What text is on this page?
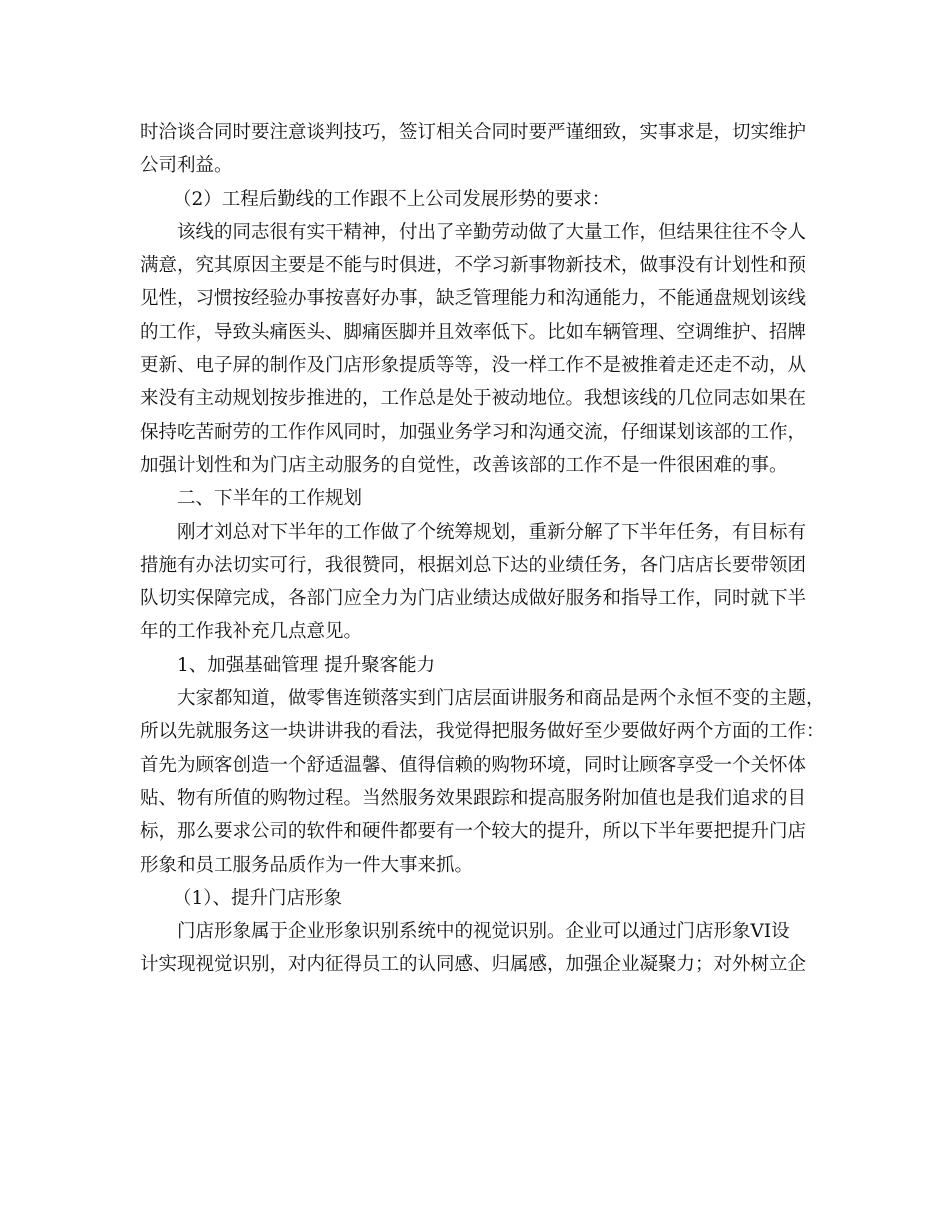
时洽谈合同时要注意谈判技巧，签订相关合同时要严谨细致，实事求是，切实维护
公司利益。
（2）工程后勤线的工作跟不上公司发展形势的要求：
该线的同志很有实干精神，付出了辛勤劳动做了大量工作，但结果往往不令人
满意，究其原因主要是不能与时俱进，不学习新事物新技术，做事没有计划性和预
见性，习惯按经验办事按喜好办事，缺乏管理能力和沟通能力，不能通盘规划该线
的工作，导致头痛医头、脚痛医脚并且效率低下。比如车辆管理、空调维护、招牌
更新、电子屏的制作及门店形象提质等等，没一样工作不是被推着走还走不动，从
来没有主动规划按步推进的，工作总是处于被动地位。我想该线的几位同志如果在
保持吃苦耐劳的工作作风同时，加强业务学习和沟通交流，仔细谋划该部的工作，
加强计划性和为门店主动服务的自觉性，改善该部的工作不是一件很困难的事。
二、下半年的工作规划
刚才刘总对下半年的工作做了个统筹规划，重新分解了下半年任务，有目标有
措施有办法切实可行，我很赞同，根据刘总下达的业绩任务，各门店店长要带领团
队切实保障完成，各部门应全力为门店业绩达成做好服务和指导工作，同时就下半
年的工作我补充几点意见。
1、加强基础管理 提升聚客能力
大家都知道，做零售连锁落实到门店层面讲服务和商品是两个永恒不变的主题，
所以先就服务这一块讲讲我的看法，我觉得把服务做好至少要做好两个方面的工作：
首先为顾客创造一个舒适温馨、值得信赖的购物环境，同时让顾客享受一个关怀体
贴、物有所值的购物过程。当然服务效果跟踪和提高服务附加值也是我们追求的目
标，那么要求公司的软件和硬件都要有一个较大的提升，所以下半年要把提升门店
形象和员工服务品质作为一件大事来抓。
（1）、提升门店形象
门店形象属于企业形象识别系统中的视觉识别。企业可以通过门店形象VI设
计实现视觉识别，对内征得员工的认同感、归属感，加强企业凝聚力；对外树立企
